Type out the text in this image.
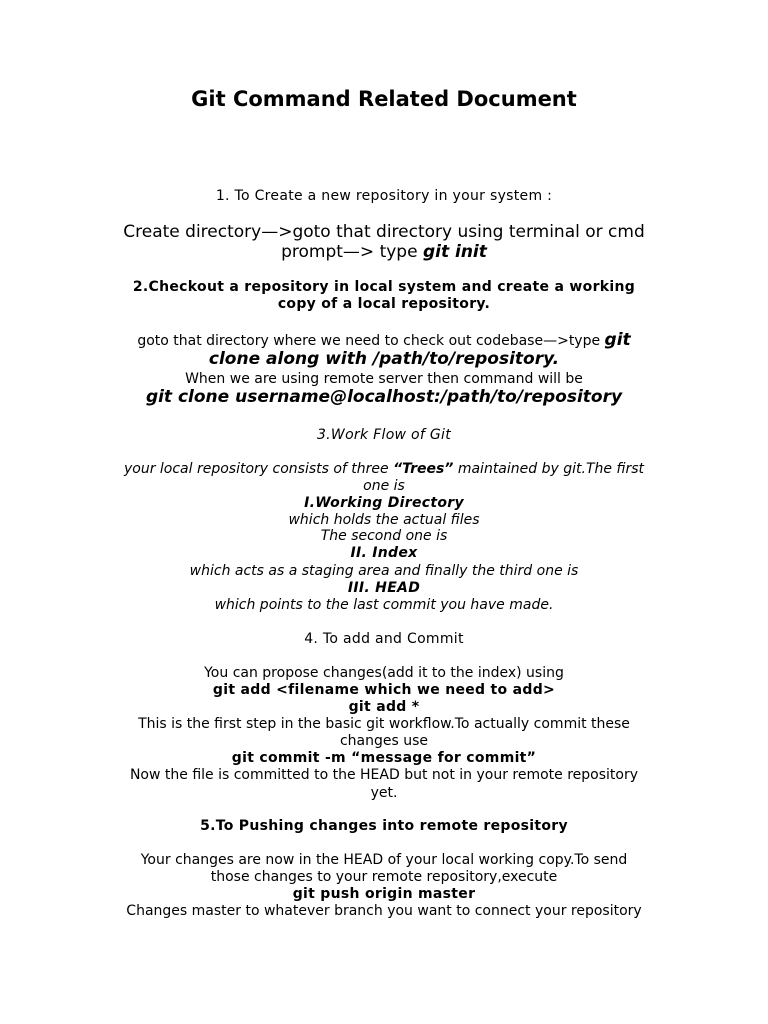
Git Command Related Document
1. To Create a new repository in your system :
Create directory—>goto that directory using terminal or cmd
prompt—> type git init
2.Checkout a repository in local system and create a working
copy of a local repository.
goto that directory where we need to check out codebase—>type git
clone along with /path/to/repository.
When we are using remote server then command will be
git clone username@localhost:/path/to/repository
3.Work Flow of Git
your local repository consists of three “Trees” maintained by git.The first
one is
I.Working Directory
which holds the actual files
The second one is
II. Index
which acts as a staging area and finally the third one is
III. HEAD
which points to the last commit you have made.
4. To add and Commit
You can propose changes(add it to the index) using
git add <filename which we need to add>
git add *
This is the first step in the basic git workflow.To actually commit these
changes use
git commit -m “message for commit”
Now the file is committed to the HEAD but not in your remote repository
yet.
5.To Pushing changes into remote repository
Your changes are now in the HEAD of your local working copy.To send
those changes to your remote repository,execute
git push origin master
Changes master to whatever branch you want to connect your repository
